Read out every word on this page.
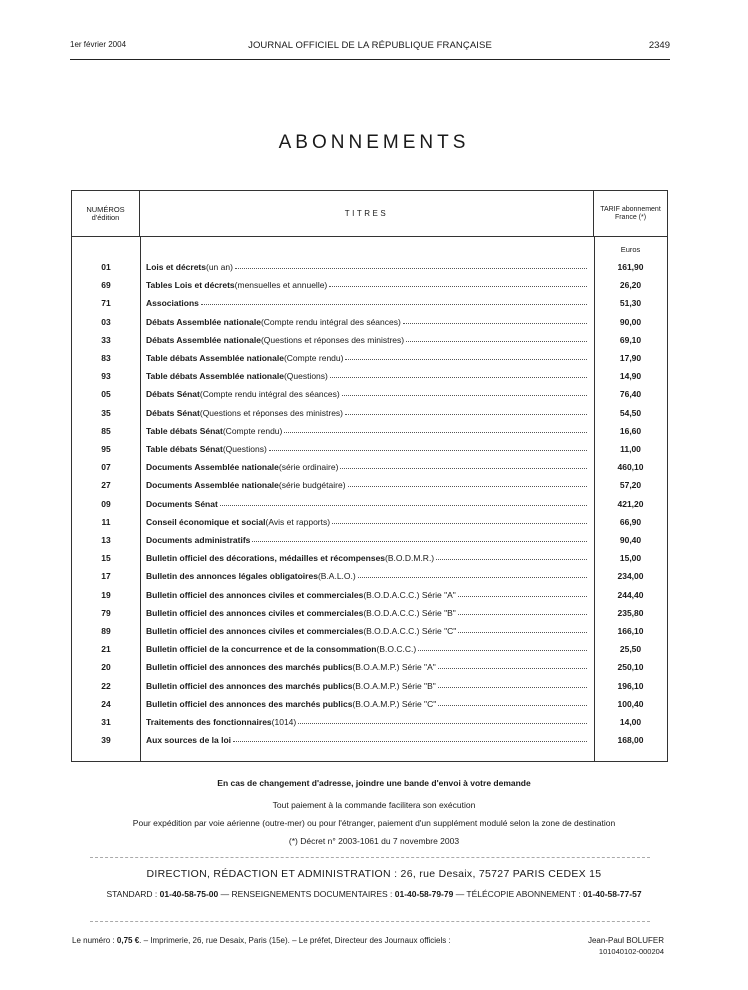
1er février 2004	JOURNAL OFFICIEL DE LA RÉPUBLIQUE FRANÇAISE	2349
ABONNEMENTS
NUMÉROS d'édition	TITRES	TARIF abonnement France (*)
Euros
01	Lois et décrets (un an)	161,90
69	Tables Lois et décrets (mensuelles et annuelle)	26,20
71	Associations	51,30
03	Débats Assemblée nationale (Compte rendu intégral des séances)	90,00
33	Débats Assemblée nationale (Questions et réponses des ministres)	69,10
83	Table débats Assemblée nationale (Compte rendu)	17,90
93	Table débats Assemblée nationale (Questions)	14,90
05	Débats Sénat (Compte rendu intégral des séances)	76,40
35	Débats Sénat (Questions et réponses des ministres)	54,50
85	Table débats Sénat (Compte rendu)	16,60
95	Table débats Sénat (Questions)	11,00
07	Documents Assemblée nationale (série ordinaire)	460,10
27	Documents Assemblée nationale (série budgétaire)	57,20
09	Documents Sénat	421,20
11	Conseil économique et social (Avis et rapports)	66,90
13	Documents administratifs	90,40
15	Bulletin officiel des décorations, médailles et récompenses (B.O.D.M.R.)	15,00
17	Bulletin des annonces légales obligatoires (B.A.L.O.)	234,00
19	Bulletin officiel des annonces civiles et commerciales (B.O.D.A.C.C.) Série "A"	244,40
79	Bulletin officiel des annonces civiles et commerciales (B.O.D.A.C.C.) Série "B"	235,80
89	Bulletin officiel des annonces civiles et commerciales (B.O.D.A.C.C.) Série "C"	166,10
21	Bulletin officiel de la concurrence et de la consommation (B.O.C.C.)	25,50
20	Bulletin officiel des annonces des marchés publics (B.O.A.M.P.) Série "A"	250,10
22	Bulletin officiel des annonces des marchés publics (B.O.A.M.P.) Série "B"	196,10
24	Bulletin officiel des annonces des marchés publics (B.O.A.M.P.) Série "C"	100,40
31	Traitements des fonctionnaires (1014)	14,00
39	Aux sources de la loi	168,00
En cas de changement d'adresse, joindre une bande d'envoi à votre demande
Tout paiement à la commande facilitera son exécution
Pour expédition par voie aérienne (outre-mer) ou pour l'étranger, paiement d'un supplément modulé selon la zone de destination
(*) Décret n° 2003-1061 du 7 novembre 2003
DIRECTION, RÉDACTION ET ADMINISTRATION : 26, rue Desaix, 75727 PARIS CEDEX 15
STANDARD : 01-40-58-75-00 — RENSEIGNEMENTS DOCUMENTAIRES : 01-40-58-79-79 — TÉLÉCOPIE ABONNEMENT : 01-40-58-77-57
Le numéro : 0,75 €. – Imprimerie, 26, rue Desaix, Paris (15e). – Le préfet, Directeur des Journaux officiels :	Jean-Paul BOLUFER
101040102-000204
